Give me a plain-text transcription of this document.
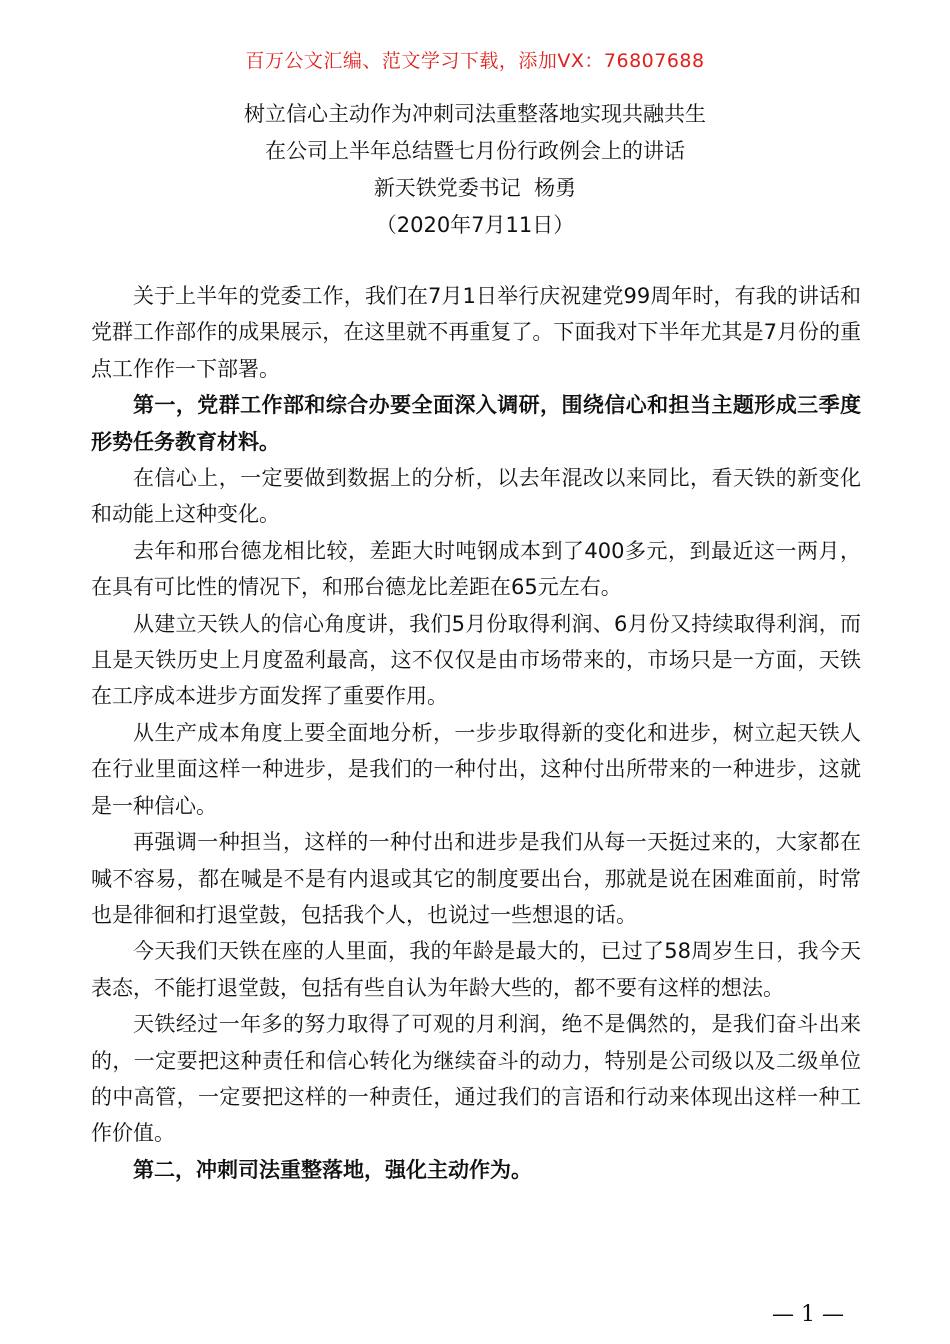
百万公文汇编、范文学习下载，添加VX：76807688
树立信心主动作为冲刺司法重整落地实现共融共生
在公司上半年总结暨七月份行政例会上的讲话
新天铁党委书记  杨勇
（2020年7月11日）

关于上半年的党委工作，我们在7月1日举行庆祝建党99周年时，有我的讲话和党群工作部作的成果展示，在这里就不再重复了。下面我对下半年尤其是7月份的重点工作作一下部署。

第一，党群工作部和综合办要全面深入调研，围绕信心和担当主题形成三季度形势任务教育材料。

在信心上，一定要做到数据上的分析，以去年混改以来同比，看天铁的新变化和动能上这种变化。

去年和邢台德龙相比较，差距大时吨钢成本到了400多元，到最近这一两月，在具有可比性的情况下，和邢台德龙比差距在65元左右。

从建立天铁人的信心角度讲，我们5月份取得利润、6月份又持续取得利润，而且是天铁历史上月度盈利最高，这不仅仅是由市场带来的，市场只是一方面，天铁在工序成本进步方面发挥了重要作用。

从生产成本角度上要全面地分析，一步步取得新的变化和进步，树立起天铁人在行业里面这样一种进步，是我们的一种付出，这种付出所带来的一种进步，这就是一种信心。

再强调一种担当，这样的一种付出和进步是我们从每一天挺过来的，大家都在喊不容易，都在喊是不是有内退或其它的制度要出台，那就是说在困难面前，时常也是徘徊和打退堂鼓，包括我个人，也说过一些想退的话。

今天我们天铁在座的人里面，我的年龄是最大的，已过了58周岁生日，我今天表态，不能打退堂鼓，包括有些自认为年龄大些的，都不要有这样的想法。

天铁经过一年多的努力取得了可观的月利润，绝不是偶然的，是我们奋斗出来的，一定要把这种责任和信心转化为继续奋斗的动力，特别是公司级以及二级单位的中高管，一定要把这样的一种责任，通过我们的言语和行动来体现出这样一种工作价值。

第二，冲刺司法重整落地，强化主动作为。

— 1 —
